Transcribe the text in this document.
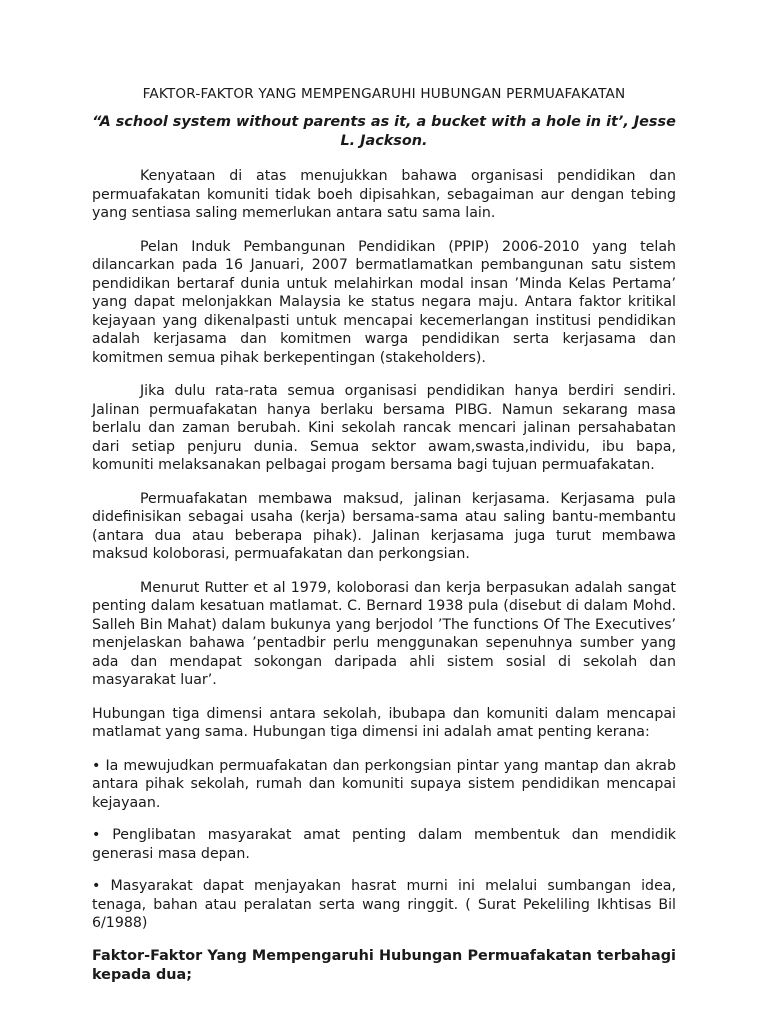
FAKTOR-FAKTOR YANG MEMPENGARUHI HUBUNGAN PERMUAFAKATAN
“A school system without parents as it, a bucket with a hole in it’, Jesse L. Jackson.

Kenyataan di atas menujukkan bahawa organisasi pendidikan dan permuafakatan komuniti tidak boeh dipisahkan, sebagaiman aur dengan tebing yang sentiasa saling memerlukan antara satu sama lain.

Pelan Induk Pembangunan Pendidikan (PPIP) 2006-2010 yang telah dilancarkan pada 16 Januari, 2007 bermatlamatkan pembangunan satu sistem pendidikan bertaraf dunia untuk melahirkan modal insan ’Minda Kelas Pertama’ yang dapat melonjakkan Malaysia ke status negara maju. Antara faktor kritikal kejayaan yang dikenalpasti untuk mencapai kecemerlangan institusi pendidikan adalah kerjasama dan komitmen warga pendidikan serta kerjasama dan komitmen semua pihak berkepentingan (stakeholders).

Jika dulu rata-rata semua organisasi pendidikan hanya berdiri sendiri. Jalinan permuafakatan hanya berlaku bersama PIBG. Namun sekarang masa berlalu dan zaman berubah. Kini sekolah rancak mencari jalinan persahabatan dari setiap penjuru dunia. Semua sektor awam,swasta,individu, ibu bapa, komuniti melaksanakan pelbagai progam bersama bagi tujuan permuafakatan.

Permuafakatan membawa maksud, jalinan kerjasama. Kerjasama pula didefinisikan sebagai usaha (kerja) bersama-sama atau saling bantu-membantu (antara dua atau beberapa pihak). Jalinan kerjasama juga turut membawa maksud koloborasi, permuafakatan dan perkongsian.

Menurut Rutter et al 1979, koloborasi dan kerja berpasukan adalah sangat penting dalam kesatuan matlamat. C. Bernard 1938 pula (disebut di dalam Mohd. Salleh Bin Mahat) dalam bukunya yang berjodol ’The functions Of The Executives’ menjelaskan bahawa ’pentadbir perlu menggunakan sepenuhnya sumber yang ada dan mendapat sokongan daripada ahli sistem sosial di sekolah dan masyarakat luar’.

Hubungan tiga dimensi antara sekolah, ibubapa dan komuniti dalam mencapai matlamat yang sama. Hubungan tiga dimensi ini adalah amat penting kerana:

• Ia mewujudkan permuafakatan dan perkongsian pintar yang mantap dan akrab antara pihak sekolah, rumah dan komuniti supaya sistem pendidikan mencapai kejayaan.

• Penglibatan masyarakat amat penting dalam membentuk dan mendidik generasi masa depan.

• Masyarakat dapat menjayakan hasrat murni ini melalui sumbangan idea, tenaga, bahan atau peralatan serta wang ringgit. ( Surat Pekeliling Ikhtisas Bil 6/1988)

Faktor-Faktor Yang Mempengaruhi Hubungan Permuafakatan terbahagi kepada dua;
